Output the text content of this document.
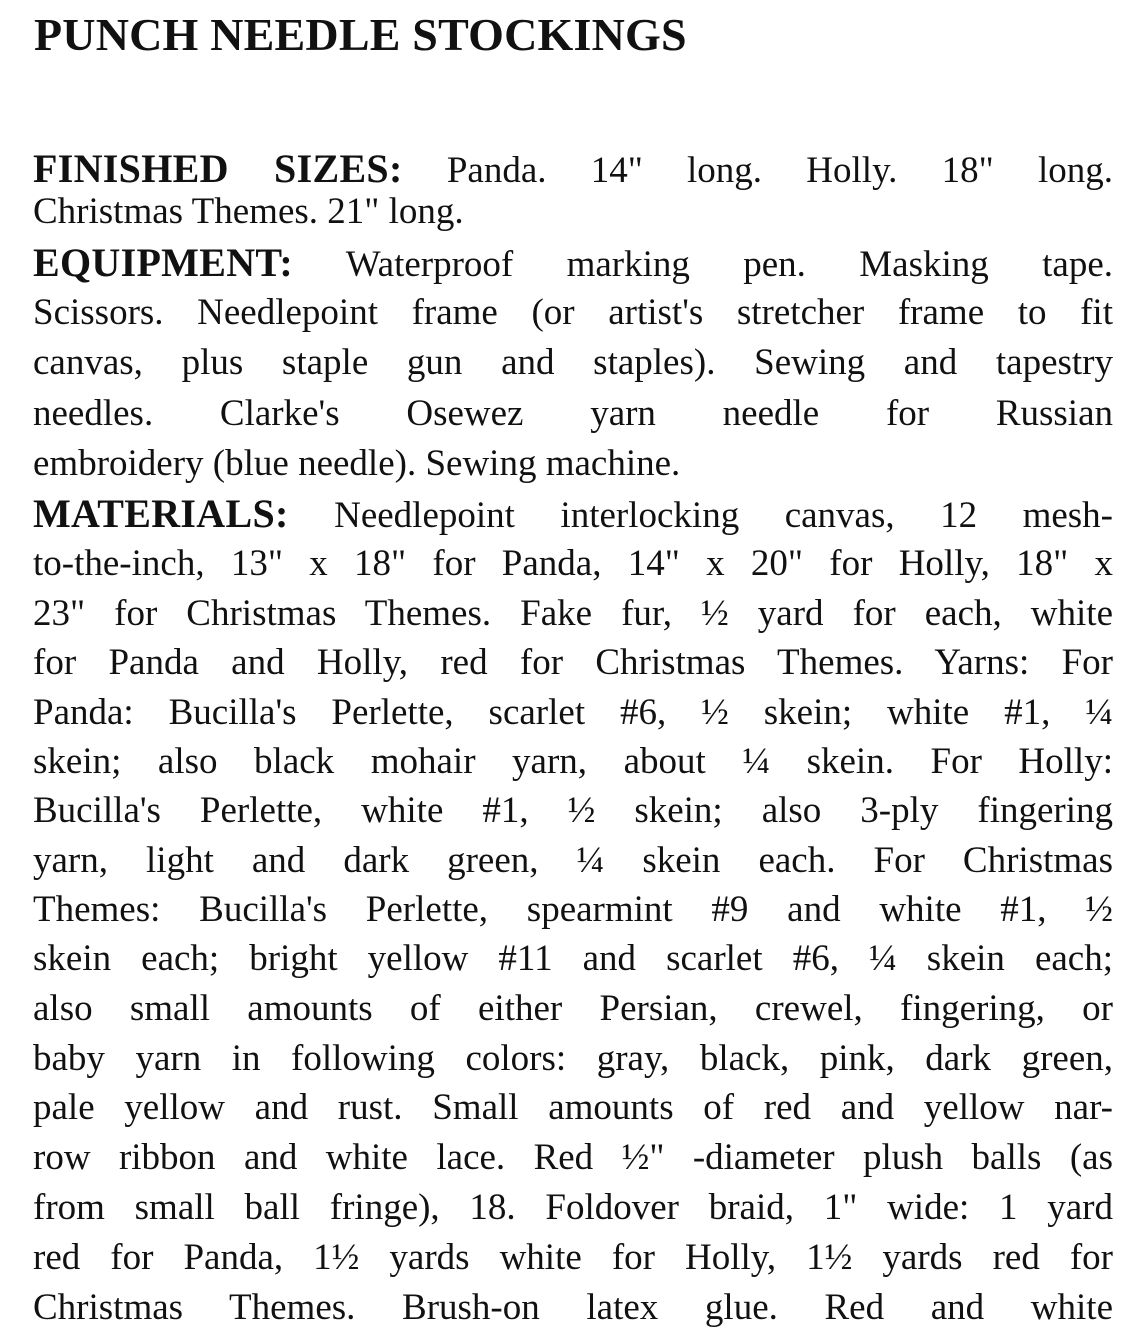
PUNCH NEEDLE STOCKINGS

FINISHED SIZES: Panda. 14" long. Holly. 18" long.

Christmas Themes. 21" long.

EQUIPMENT: Waterproof marking pen. Masking tape.

Scissors. Needlepoint frame (or artist's stretcher frame to fit

canvas, plus staple gun and staples). Sewing and tapestry

needles. Clarke's Osewez yarn needle for Russian

embroidery (blue needle). Sewing machine.

MATERIALS: Needlepoint interlocking canvas, 12 mesh-

to-the-inch, 13" x 18" for Panda, 14" x 20" for Holly, 18" x

23" for Christmas Themes. Fake fur, ½ yard for each, white

for Panda and Holly, red for Christmas Themes. Yarns: For

Panda: Bucilla's Perlette, scarlet #6, ½ skein; white #1, ¼

skein; also black mohair yarn, about ¼ skein. For Holly:

Bucilla's Perlette, white #1, ½ skein; also 3-ply fingering

yarn, light and dark green, ¼ skein each. For Christmas

Themes: Bucilla's Perlette, spearmint #9 and white #1, ½

skein each; bright yellow #11 and scarlet #6, ¼ skein each;

also small amounts of either Persian, crewel, fingering, or

baby yarn in following colors: gray, black, pink, dark green,

pale yellow and rust. Small amounts of red and yellow nar-

row ribbon and white lace. Red ½" -diameter plush balls (as

from small ball fringe), 18. Foldover braid, 1" wide: 1 yard

red for Panda, 1½ yards white for Holly, 1½ yards red for

Christmas Themes. Brush-on latex glue. Red and white
